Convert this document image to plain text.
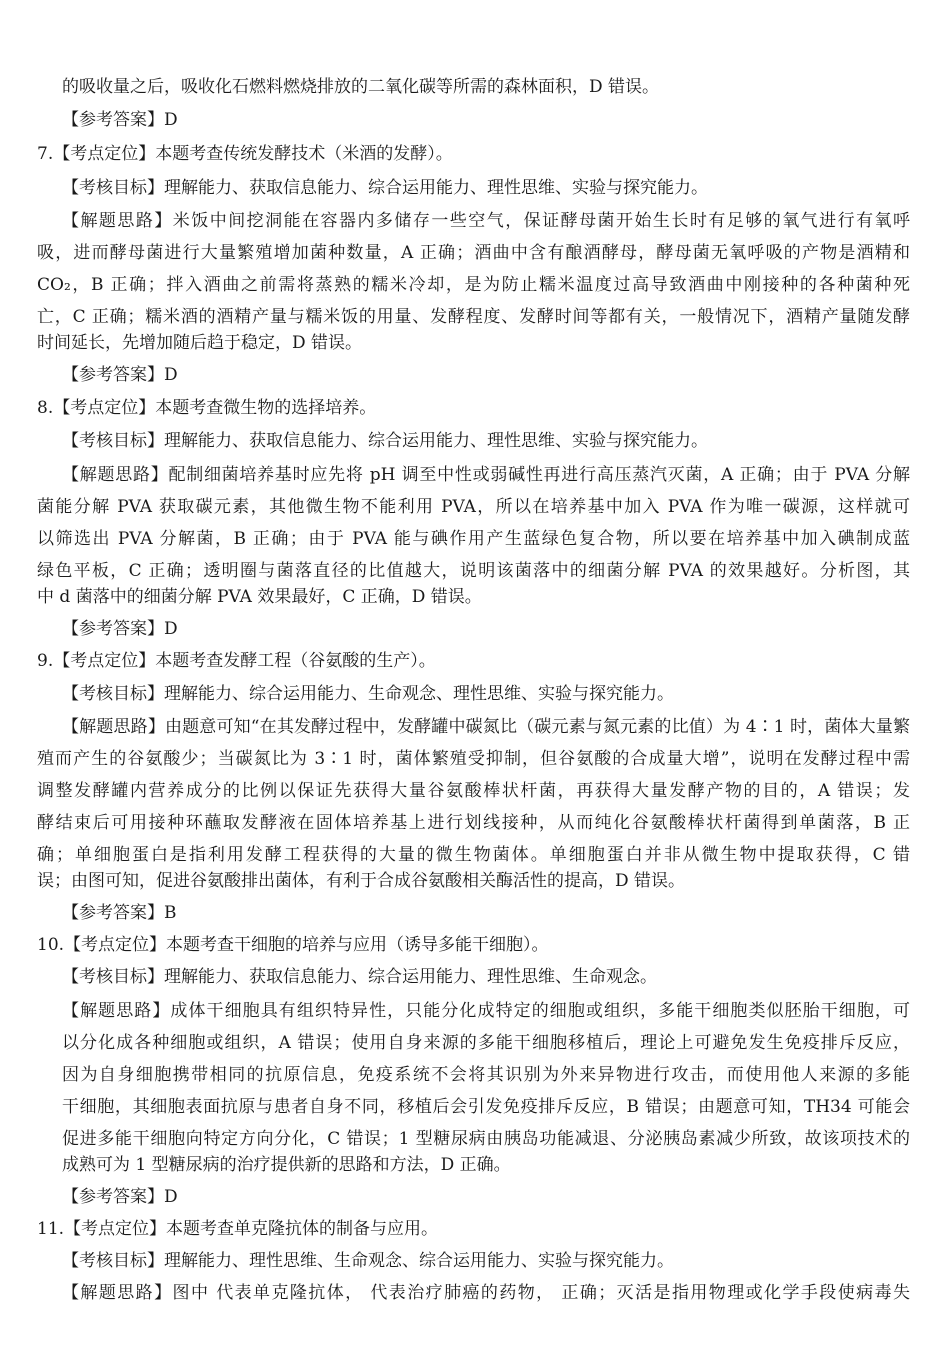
的吸收量之后，吸收化石燃料燃烧排放的二氧化碳等所需的森林面积，D 错误。
【参考答案】D
7.【考点定位】本题考查传统发酵技术（米酒的发酵）。
【考核目标】理解能力、获取信息能力、综合运用能力、理性思维、实验与探究能力。
【解题思路】米饭中间挖洞能在容器内多储存一些空气，保证酵母菌开始生长时有足够的氧气进行有氧呼
吸，进而酵母菌进行大量繁殖增加菌种数量，A 正确；酒曲中含有酿酒酵母，酵母菌无氧呼吸的产物是酒精和
CO₂，B 正确；拌入酒曲之前需将蒸熟的糯米冷却，是为防止糯米温度过高导致酒曲中刚接种的各种菌种死
亡，C 正确；糯米酒的酒精产量与糯米饭的用量、发酵程度、发酵时间等都有关，一般情况下，酒精产量随发酵
时间延长，先增加随后趋于稳定，D 错误。
【参考答案】D
8.【考点定位】本题考查微生物的选择培养。
【考核目标】理解能力、获取信息能力、综合运用能力、理性思维、实验与探究能力。
【解题思路】配制细菌培养基时应先将 pH 调至中性或弱碱性再进行高压蒸汽灭菌，A 正确；由于 PVA 分解
菌能分解 PVA 获取碳元素，其他微生物不能利用 PVA，所以在培养基中加入 PVA 作为唯一碳源，这样就可
以筛选出 PVA 分解菌，B 正确；由于 PVA 能与碘作用产生蓝绿色复合物，所以要在培养基中加入碘制成蓝
绿色平板，C 正确；透明圈与菌落直径的比值越大，说明该菌落中的细菌分解 PVA 的效果越好。分析图，其
中 d 菌落中的细菌分解 PVA 效果最好，C 正确，D 错误。
【参考答案】D
9.【考点定位】本题考查发酵工程（谷氨酸的生产）。
【考核目标】理解能力、综合运用能力、生命观念、理性思维、实验与探究能力。
【解题思路】由题意可知“在其发酵过程中，发酵罐中碳氮比（碳元素与氮元素的比值）为 4∶1 时，菌体大量繁
殖而产生的谷氨酸少；当碳氮比为 3∶1 时，菌体繁殖受抑制，但谷氨酸的合成量大增”，说明在发酵过程中需
调整发酵罐内营养成分的比例以保证先获得大量谷氨酸棒状杆菌，再获得大量发酵产物的目的，A 错误；发
酵结束后可用接种环蘸取发酵液在固体培养基上进行划线接种，从而纯化谷氨酸棒状杆菌得到单菌落，B 正
确；单细胞蛋白是指利用发酵工程获得的大量的微生物菌体。单细胞蛋白并非从微生物中提取获得，C 错
误；由图可知，促进谷氨酸排出菌体，有利于合成谷氨酸相关酶活性的提高，D 错误。
【参考答案】B
10.【考点定位】本题考查干细胞的培养与应用（诱导多能干细胞）。
【考核目标】理解能力、获取信息能力、综合运用能力、理性思维、生命观念。
【解题思路】成体干细胞具有组织特异性，只能分化成特定的细胞或组织，多能干细胞类似胚胎干细胞，可
以分化成各种细胞或组织，A 错误；使用自身来源的多能干细胞移植后，理论上可避免发生免疫排斥反应，
因为自身细胞携带相同的抗原信息，免疫系统不会将其识别为外来异物进行攻击，而使用他人来源的多能
干细胞，其细胞表面抗原与患者自身不同，移植后会引发免疫排斥反应，B 错误；由题意可知，TH34 可能会
促进多能干细胞向特定方向分化，C 错误；1 型糖尿病由胰岛功能减退、分泌胰岛素减少所致，故该项技术的
成熟可为 1 型糖尿病的治疗提供新的思路和方法，D 正确。
【参考答案】D
11.【考点定位】本题考查单克隆抗体的制备与应用。
【考核目标】理解能力、理性思维、生命观念、综合运用能力、实验与探究能力。
【解题思路】图中 代表单克隆抗体， 代表治疗肺癌的药物， 正确；灭活是指用物理或化学手段使病毒失
